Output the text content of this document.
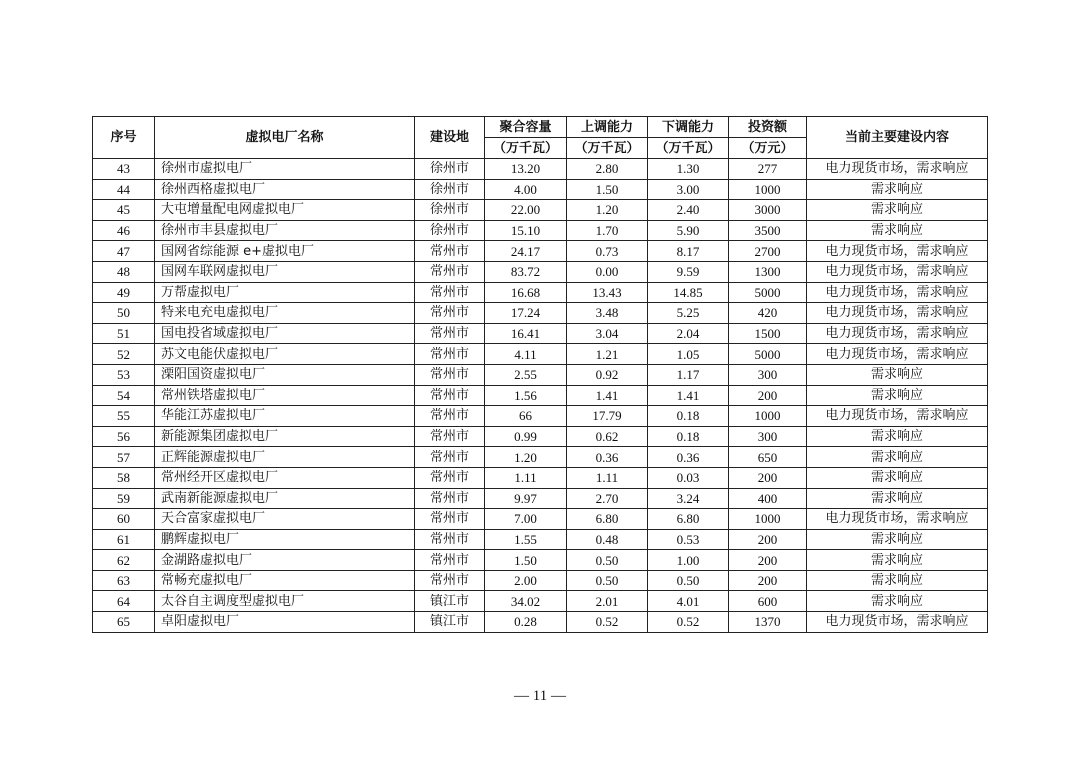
序号	虚拟电厂名称	建设地	聚合容量	上调能力	下调能力	投资额	当前主要建设内容
			（万千瓦）	（万千瓦）	（万千瓦）	（万元）	
43	徐州市虚拟电厂	徐州市	13.20	2.80	1.30	277	电力现货市场，需求响应
44	徐州西格虚拟电厂	徐州市	4.00	1.50	3.00	1000	需求响应
45	大屯增量配电网虚拟电厂	徐州市	22.00	1.20	2.40	3000	需求响应
46	徐州市丰县虚拟电厂	徐州市	15.10	1.70	5.90	3500	需求响应
47	国网省综能源 e+虚拟电厂	常州市	24.17	0.73	8.17	2700	电力现货市场，需求响应
48	国网车联网虚拟电厂	常州市	83.72	0.00	9.59	1300	电力现货市场，需求响应
49	万帮虚拟电厂	常州市	16.68	13.43	14.85	5000	电力现货市场，需求响应
50	特来电充电虚拟电厂	常州市	17.24	3.48	5.25	420	电力现货市场，需求响应
51	国电投省域虚拟电厂	常州市	16.41	3.04	2.04	1500	电力现货市场，需求响应
52	苏文电能伏虚拟电厂	常州市	4.11	1.21	1.05	5000	电力现货市场，需求响应
53	溧阳国资虚拟电厂	常州市	2.55	0.92	1.17	300	需求响应
54	常州铁塔虚拟电厂	常州市	1.56	1.41	1.41	200	需求响应
55	华能江苏虚拟电厂	常州市	66	17.79	0.18	1000	电力现货市场，需求响应
56	新能源集团虚拟电厂	常州市	0.99	0.62	0.18	300	需求响应
57	正辉能源虚拟电厂	常州市	1.20	0.36	0.36	650	需求响应
58	常州经开区虚拟电厂	常州市	1.11	1.11	0.03	200	需求响应
59	武南新能源虚拟电厂	常州市	9.97	2.70	3.24	400	需求响应
60	天合富家虚拟电厂	常州市	7.00	6.80	6.80	1000	电力现货市场，需求响应
61	鹏辉虚拟电厂	常州市	1.55	0.48	0.53	200	需求响应
62	金湖路虚拟电厂	常州市	1.50	0.50	1.00	200	需求响应
63	常畅充虚拟电厂	常州市	2.00	0.50	0.50	200	需求响应
64	太谷自主调度型虚拟电厂	镇江市	34.02	2.01	4.01	600	需求响应
65	卓阳虚拟电厂	镇江市	0.28	0.52	0.52	1370	电力现货市场，需求响应
— 11 —
